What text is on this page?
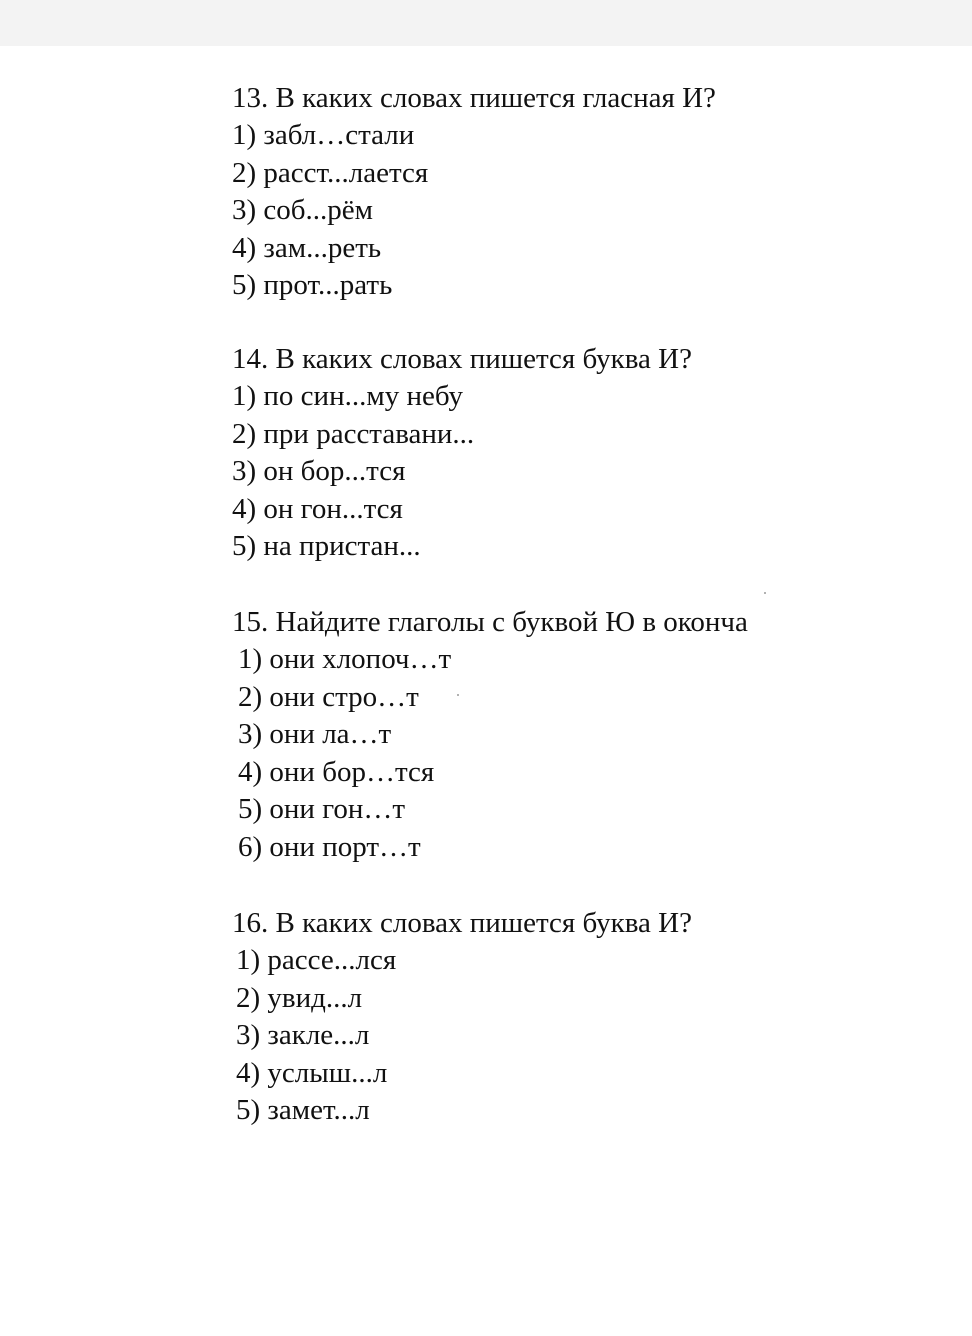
13. В каких словах пишется гласная И?

1) забл…стали

2) расст...лается

3) соб...рём

4) зам...реть

5) прот...рать

14. В каких словах пишется буква И?

1) по син...му небу

2) при расставани...

3) он бор...тся

4) он гон...тся

5) на пристан...

15. Найдите глаголы с буквой Ю в оконча

1) они хлопоч…т

2) они стро…т

3) они ла…т

4) они бор…тся

5) они гон…т

6) они порт…т

16. В каких словах пишется буква И?

1) рассе...лся

2) увид...л

3) закле...л

4) услыш...л

5) замет...л
